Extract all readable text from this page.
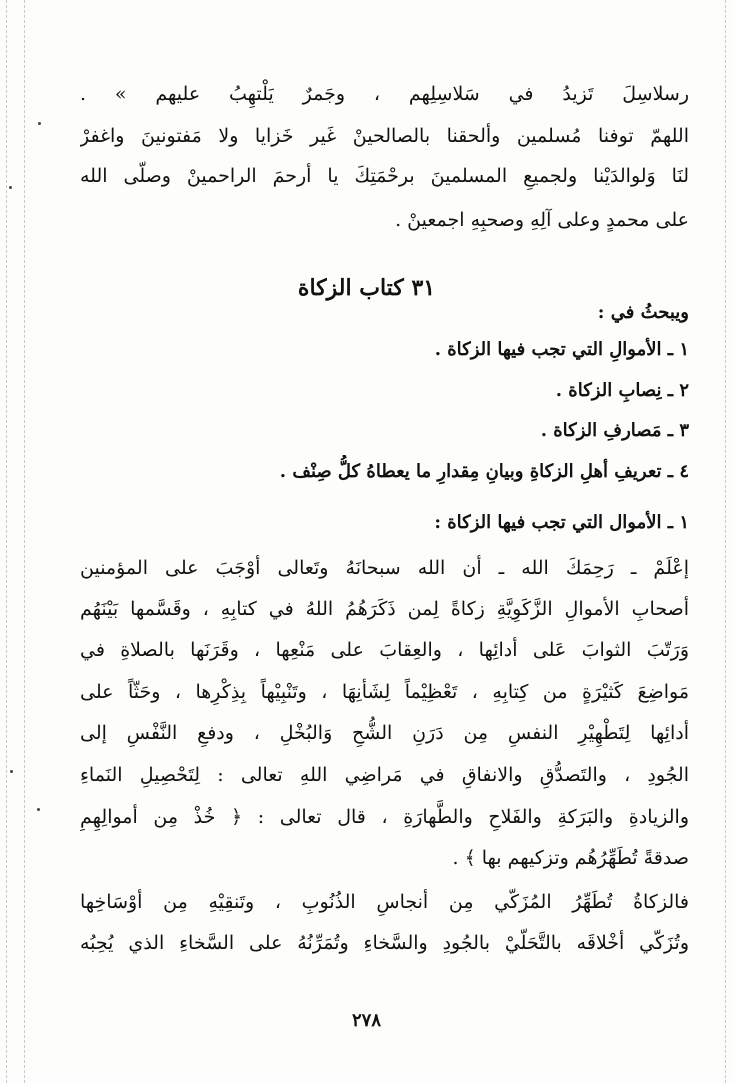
رسلاسِلَ تَزيدُ في سَلاسِلِهم ، وجَمرٌ يَلْتهِبُ عليهم » .
اللهمّ توفنا مُسلمين وألحقنا بالصالحينْ غَير خَزايا ولا مَفتونينَ واغفرْ
لنَا وَلوالدَيْنا ولجميعِ المسلمينَ برحْمَتِكَ يا أرحمَ الراحمينْ وصلّى الله
على محمدٍ وعلى آلِهِ وصحبِهِ اجمعينْ .
٣١ كتاب الزكاة
ويبحثُ في :
١ ـ الأموالِ التي تجب فيها الزكاة .
٢ ـ نِصابِ الزكاة .
٣ ـ مَصارفِ الزكاة .
٤ ـ تعريفِ أهلِ الزكاةِ وبيانِ مِقدارِ ما يعطاهُ كلُّ صِنْف .
١ ـ الأموال التي تجب فيها الزكاة :
إعْلَمْ ـ رَحِمَكَ الله ـ أن الله سبحانَهُ وتَعالى أوْجَبَ على المؤمنين
أصحابِ الأموالِ الزَّكَوِيَّةِ زكاةً لِمن ذَكَرَهُمُ اللهُ في كتابِهِ ، وقَسَّمها بَيْنَهُم
وَرَتّبَ الثوابَ عَلى أدائِها ، والعِقابَ على مَنْعِها ، وقَرَنَها بالصلاةِ في
مَواضِعَ كَثيْرَةٍ من كِتابِهِ ، تَعْظِيْماً لِشَأنِهَا ، وتَنْبِيْهاً بِذِكْرِها ، وحَثّاً على
أدائِها لِتَطْهِيْرِ النفسِ مِن دَرَنِ الشُّحِ وَالبُخْلِ ، ودفعِ النَّفْسِ إلى
الجُودِ ، والتَصدُّقِ والانفاقِ في مَراضِي اللهِ تعالى : لِتَحْصِيلِ النَماءِ
والزيادةِ والبَرَكةِ والفَلاحِ والطَّهارَةِ ، قال تعالى : ﴿ خُذْ مِن أموالِهِمِ
صدقةً تُطَهِّرُهُم وتزكيهم بها ﴾ .
فالزكاةُ تُطَهِّرُ المُزَكّي مِن أنجاسِ الذُنُوبِ ، وتَنقِيْهِ مِن أوْسَاخِها
وتُزَكّي أخْلاقَه بالتَّحَلّيْ بالجُودِ والسَّخاءِ وتُمَرِّنُهُ على السَّخاءِ الذي يُحِبُه
٢٧٨
